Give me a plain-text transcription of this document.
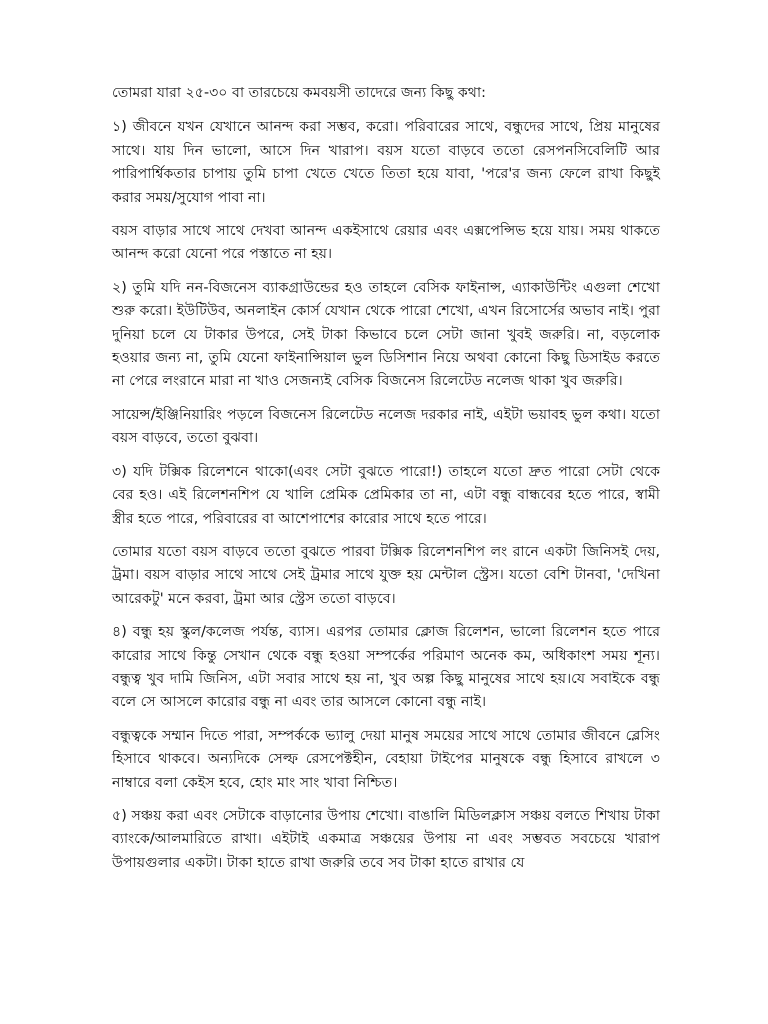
তোমরা যারা ২৫-৩০ বা তারচেয়ে কমবয়সী তাদেরে জন্য কিছু কথা:

১) জীবনে যখন যেখানে আনন্দ করা সম্ভব, করো। পরিবারের সাথে, বন্ধুদের সাথে, প্রিয় মানুষের সাথে। যায় দিন ভালো, আসে দিন খারাপ। বয়স যতো বাড়বে ততো রেসপনসিবেলিটি আর পারিপার্শ্বিকতার চাপায় তুমি চাপা খেতে খেতে তিতা হয়ে যাবা, 'পরে'র জন্য ফেলে রাখা কিছুই করার সময়/সুযোগ পাবা না।

বয়স বাড়ার সাথে সাথে দেখবা আনন্দ একইসাথে রেয়ার এবং এক্সপেন্সিভ হয়ে যায়। সময় থাকতে আনন্দ করো যেনো পরে পস্তাতে না হয়।

২) তুমি যদি নন-বিজনেস ব্যাকগ্রাউন্ডের হও তাহলে বেসিক ফাইনান্স, এ্যাকাউন্টিং এগুলা শেখো শুরু করো। ইউটিউব, অনলাইন কোর্স যেখান থেকে পারো শেখো, এখন রিসোর্সের অভাব নাই। পুরা দুনিয়া চলে যে টাকার উপরে, সেই টাকা কিভাবে চলে সেটা জানা খুবই জরুরি। না, বড়লোক হওয়ার জন্য না, তুমি যেনো ফাইনান্সিয়াল ভুল ডিসিশান নিয়ে অথবা কোনো কিছু ডিসাইড করতে না পেরে লংরানে মারা না খাও সেজন্যই বেসিক বিজনেস রিলেটেড নলেজ থাকা খুব জরুরি।

সায়েন্স/ইঞ্জিনিয়ারিং পড়লে বিজনেস রিলেটেড নলেজ দরকার নাই, এইটা ভয়াবহ ভুল কথা। যতো বয়স বাড়বে, ততো বুঝবা।

৩) যদি টক্সিক রিলেশনে থাকো(এবং সেটা বুঝতে পারো!) তাহলে যতো দ্রুত পারো সেটা থেকে বের হও। এই রিলেশনশিপ যে খালি প্রেমিক প্রেমিকার তা না, এটা বন্ধু বান্ধবের হতে পারে, স্বামী স্ত্রীর হতে পারে, পরিবারের বা আশেপাশের কারোর সাথে হতে পারে।

তোমার যতো বয়স বাড়বে ততো বুঝতে পারবা টক্সিক রিলেশনশিপ লং রানে একটা জিনিসই দেয়, ট্রমা। বয়স বাড়ার সাথে সাথে সেই ট্রমার সাথে যুক্ত হয় মেন্টাল স্ট্রেস। যতো বেশি টানবা, 'দেখিনা আরেকটু' মনে করবা, ট্রমা আর স্ট্রেস ততো বাড়বে।

৪) বন্ধু হয় স্কুল/কলেজ পর্যন্ত, ব্যাস। এরপর তোমার ক্লোজ রিলেশন, ভালো রিলেশন হতে পারে কারোর সাথে কিন্তু সেখান থেকে বন্ধু হওয়া সম্পর্কের পরিমাণ অনেক কম, অধিকাংশ সময় শূন্য। বন্ধুত্ব খুব দামি জিনিস, এটা সবার সাথে হয় না, খুব অল্প কিছু মানুষের সাথে হয়।যে সবাইকে বন্ধু বলে সে আসলে কারোর বন্ধু না এবং তার আসলে কোনো বন্ধু নাই।

বন্ধুত্বকে সম্মান দিতে পারা, সম্পর্ককে ভ্যালু দেয়া মানুষ সময়ের সাথে সাথে তোমার জীবনে ব্লেসিং হিসাবে থাকবে। অন্যদিকে সেল্ফ রেসপেক্টহীন, বেহায়া টাইপের মানুষকে বন্ধু হিসাবে রাখলে ৩ নাম্বারে বলা কেইস হবে, হোং মাং সাং খাবা নিশ্চিত।

৫) সঞ্চয় করা এবং সেটাকে বাড়ানোর উপায় শেখো। বাঙালি মিডিলক্লাস সঞ্চয় বলতে শিখায় টাকা ব্যাংকে/আলমারিতে রাখা। এইটাই একমাত্র সঞ্চয়ের উপায় না এবং সম্ভবত সবচেয়ে খারাপ উপায়গুলার একটা। টাকা হাতে রাখা জরুরি তবে সব টাকা হাতে রাখার যে
